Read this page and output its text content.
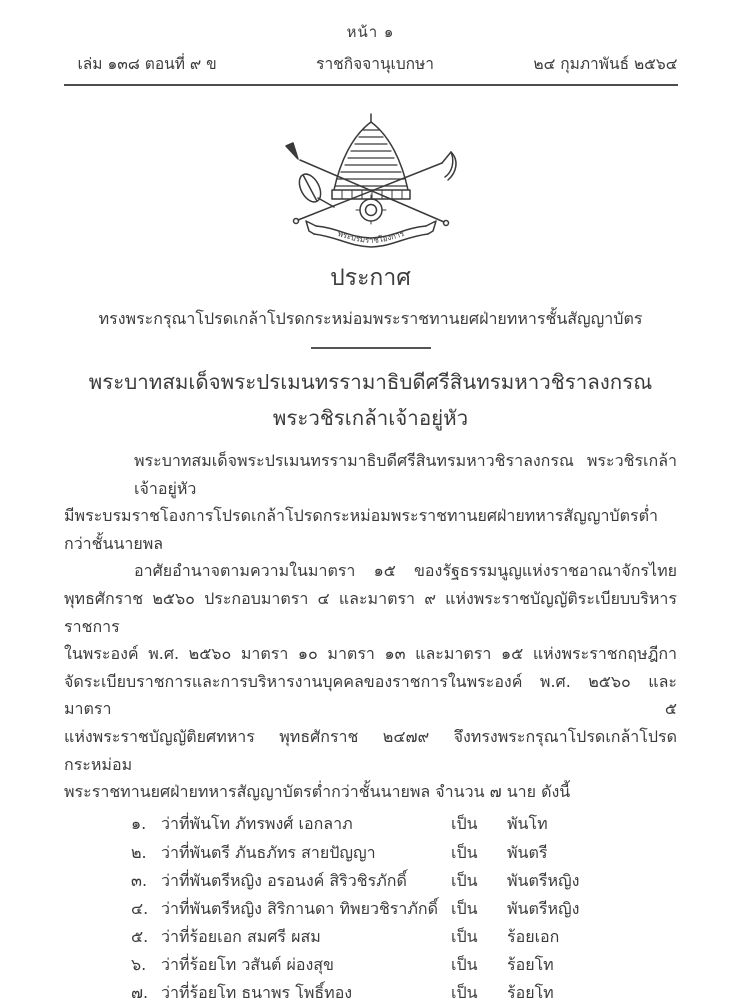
หน้า ๑
เล่ม ๑๓๘ ตอนที่ ๙ ข	ราชกิจจานุเบกษา	๒๔ กุมภาพันธ์ ๒๕๖๔
พระบรมราชโองการ
ประกาศ
ทรงพระกรุณาโปรดเกล้าโปรดกระหม่อมพระราชทานยศฝ่ายทหารชั้นสัญญาบัตร
พระบาทสมเด็จพระปรเมนทรรามาธิบดีศรีสินทรมหาวชิราลงกรณ
พระวชิรเกล้าเจ้าอยู่หัว
พระบาทสมเด็จพระปรเมนทรรามาธิบดีศรีสินทรมหาวชิราลงกรณ พระวชิรเกล้าเจ้าอยู่หัว
มีพระบรมราชโองการโปรดเกล้าโปรดกระหม่อมพระราชทานยศฝ่ายทหารสัญญาบัตรต่ำกว่าชั้นนายพล
อาศัยอำนาจตามความในมาตรา ๑๕ ของรัฐธรรมนูญแห่งราชอาณาจักรไทย
พุทธศักราช ๒๕๖๐ ประกอบมาตรา ๔ และมาตรา ๙ แห่งพระราชบัญญัติระเบียบบริหารราชการ
ในพระองค์ พ.ศ. ๒๕๖๐ มาตรา ๑๐ มาตรา ๑๓ และมาตรา ๑๕ แห่งพระราชกฤษฎีกา
จัดระเบียบราชการและการบริหารงานบุคคลของราชการในพระองค์ พ.ศ. ๒๕๖๐ และมาตรา ๕
แห่งพระราชบัญญัติยศทหาร พุทธศักราช ๒๔๗๙ จึงทรงพระกรุณาโปรดเกล้าโปรดกระหม่อม
พระราชทานยศฝ่ายทหารสัญญาบัตรต่ำกว่าชั้นนายพล จำนวน ๗ นาย ดังนี้
๑. ว่าที่พันโท ภัทรพงศ์ เอกลาภ	เป็น	พันโท
๒. ว่าที่พันตรี ภันธภัทร สายปัญญา	เป็น	พันตรี
๓. ว่าที่พันตรีหญิง อรอนงค์ สิริวชิรภักดิ์	เป็น	พันตรีหญิง
๔. ว่าที่พันตรีหญิง สิริกานดา ทิพยวชิราภักดิ์ เป็น	พันตรีหญิง
๕. ว่าที่ร้อยเอก สมศรี ผสม	เป็น	ร้อยเอก
๖. ว่าที่ร้อยโท วสันต์ ผ่องสุข	เป็น	ร้อยโท
๗. ว่าที่ร้อยโท ธนาพร โพธิ์ทอง	เป็น	ร้อยโท
